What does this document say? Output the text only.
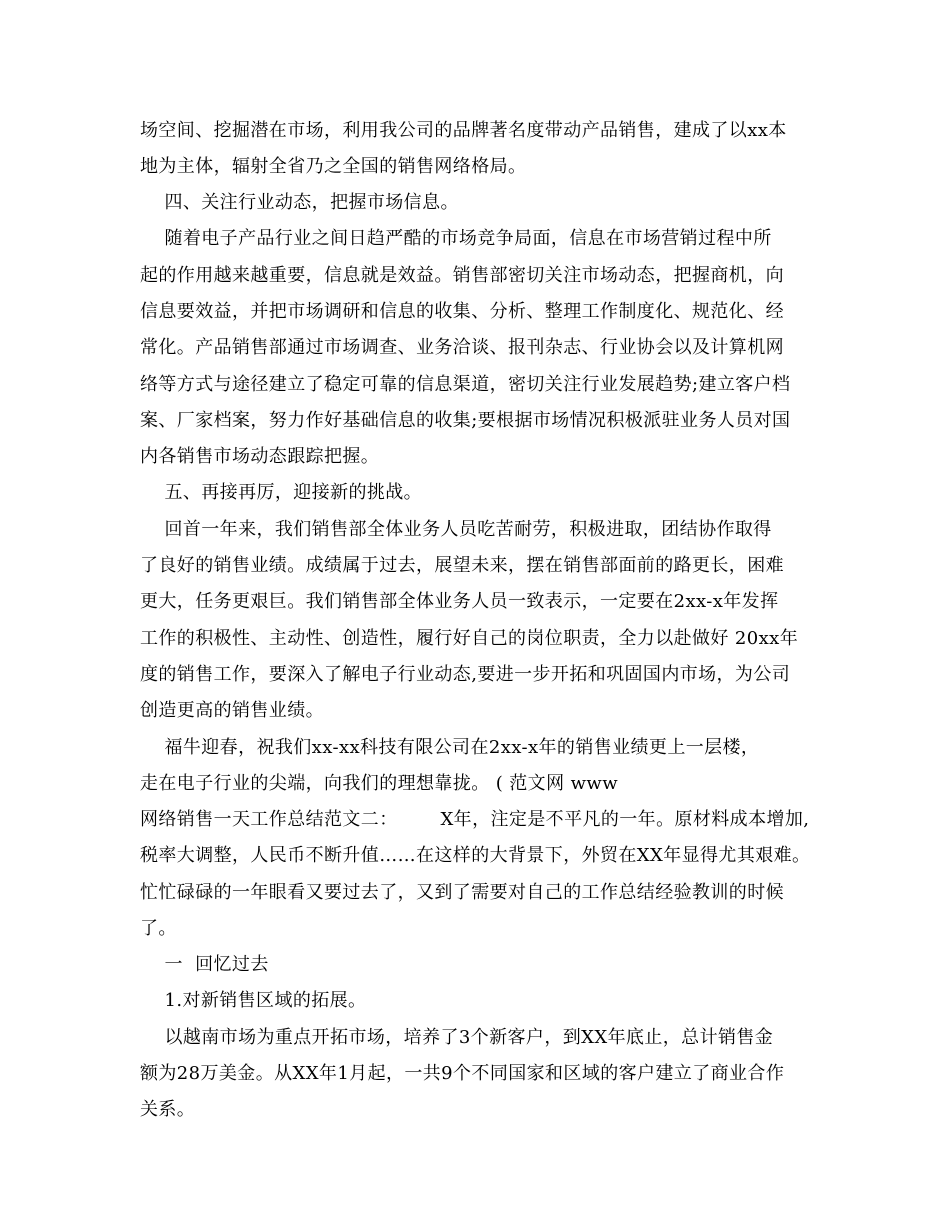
场空间、挖掘潜在市场，利用我公司的品牌著名度带动产品销售，建成了以xx本
地为主体，辐射全省乃之全国的销售网络格局。
四、关注行业动态，把握市场信息。
随着电子产品行业之间日趋严酷的市场竞争局面，信息在市场营销过程中所
起的作用越来越重要，信息就是效益。销售部密切关注市场动态，把握商机，向
信息要效益，并把市场调研和信息的收集、分析、整理工作制度化、规范化、经
常化。产品销售部通过市场调查、业务洽谈、报刊杂志、行业协会以及计算机网
络等方式与途径建立了稳定可靠的信息渠道，密切关注行业发展趋势;建立客户档
案、厂家档案，努力作好基础信息的收集;要根据市场情况积极派驻业务人员对国
内各销售市场动态跟踪把握。
五、再接再厉，迎接新的挑战。
回首一年来，我们销售部全体业务人员吃苦耐劳，积极进取，团结协作取得
了良好的销售业绩。成绩属于过去，展望未来，摆在销售部面前的路更长，困难
更大，任务更艰巨。我们销售部全体业务人员一致表示，一定要在2xx-x年发挥
工作的积极性、主动性、创造性，履行好自己的岗位职责，全力以赴做好 20xx年
度的销售工作，要深入了解电子行业动态,要进一步开拓和巩固国内市场，为公司
创造更高的销售业绩。
福牛迎春，祝我们xx-xx科技有限公司在2xx-x年的销售业绩更上一层楼，
走在电子行业的尖端，向我们的理想靠拢。 ( 范文网 www
网络销售一天工作总结范文二：       X年，注定是不平凡的一年。原材料成本增加,
税率大调整，人民币不断升值……在这样的大背景下，外贸在XX年显得尤其艰难。
忙忙碌碌的一年眼看又要过去了，又到了需要对自己的工作总结经验教训的时候
了。
一  回忆过去
1.对新销售区域的拓展。
以越南市场为重点开拓市场，培养了3个新客户，到XX年底止，总计销售金
额为28万美金。从XX年1月起，一共9个不同国家和区域的客户建立了商业合作
关系。
